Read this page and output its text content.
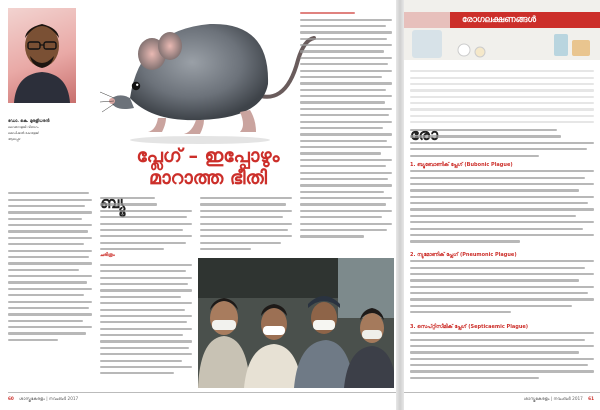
ഡോ. കെ. മുരളീധരൻ
വൈറോളജി വിഭാഗം
മെഡിക്കൽ കോളേജ്
ആലപ്പുഴ
പ്ലേഗ് – ഇപ്പോഴും
മാറാത്ത ഭീതി
ചരിത്രം
60 ശാസ്ത്രകേരളം | നവംബർ 2017
രോഗലക്ഷണങ്ങൾ
1. ബ്യൂബോണിക് പ്ലേഗ് (Bubonic Plague)
2. ന്യുമോണിക് പ്ലേഗ് (Pneumonic Plague)
3. സെപ്റ്റിസീമിക് പ്ലേഗ് (Septicaemic Plague)
ശാസ്ത്രകേരളം | നവംബർ 2017 61
